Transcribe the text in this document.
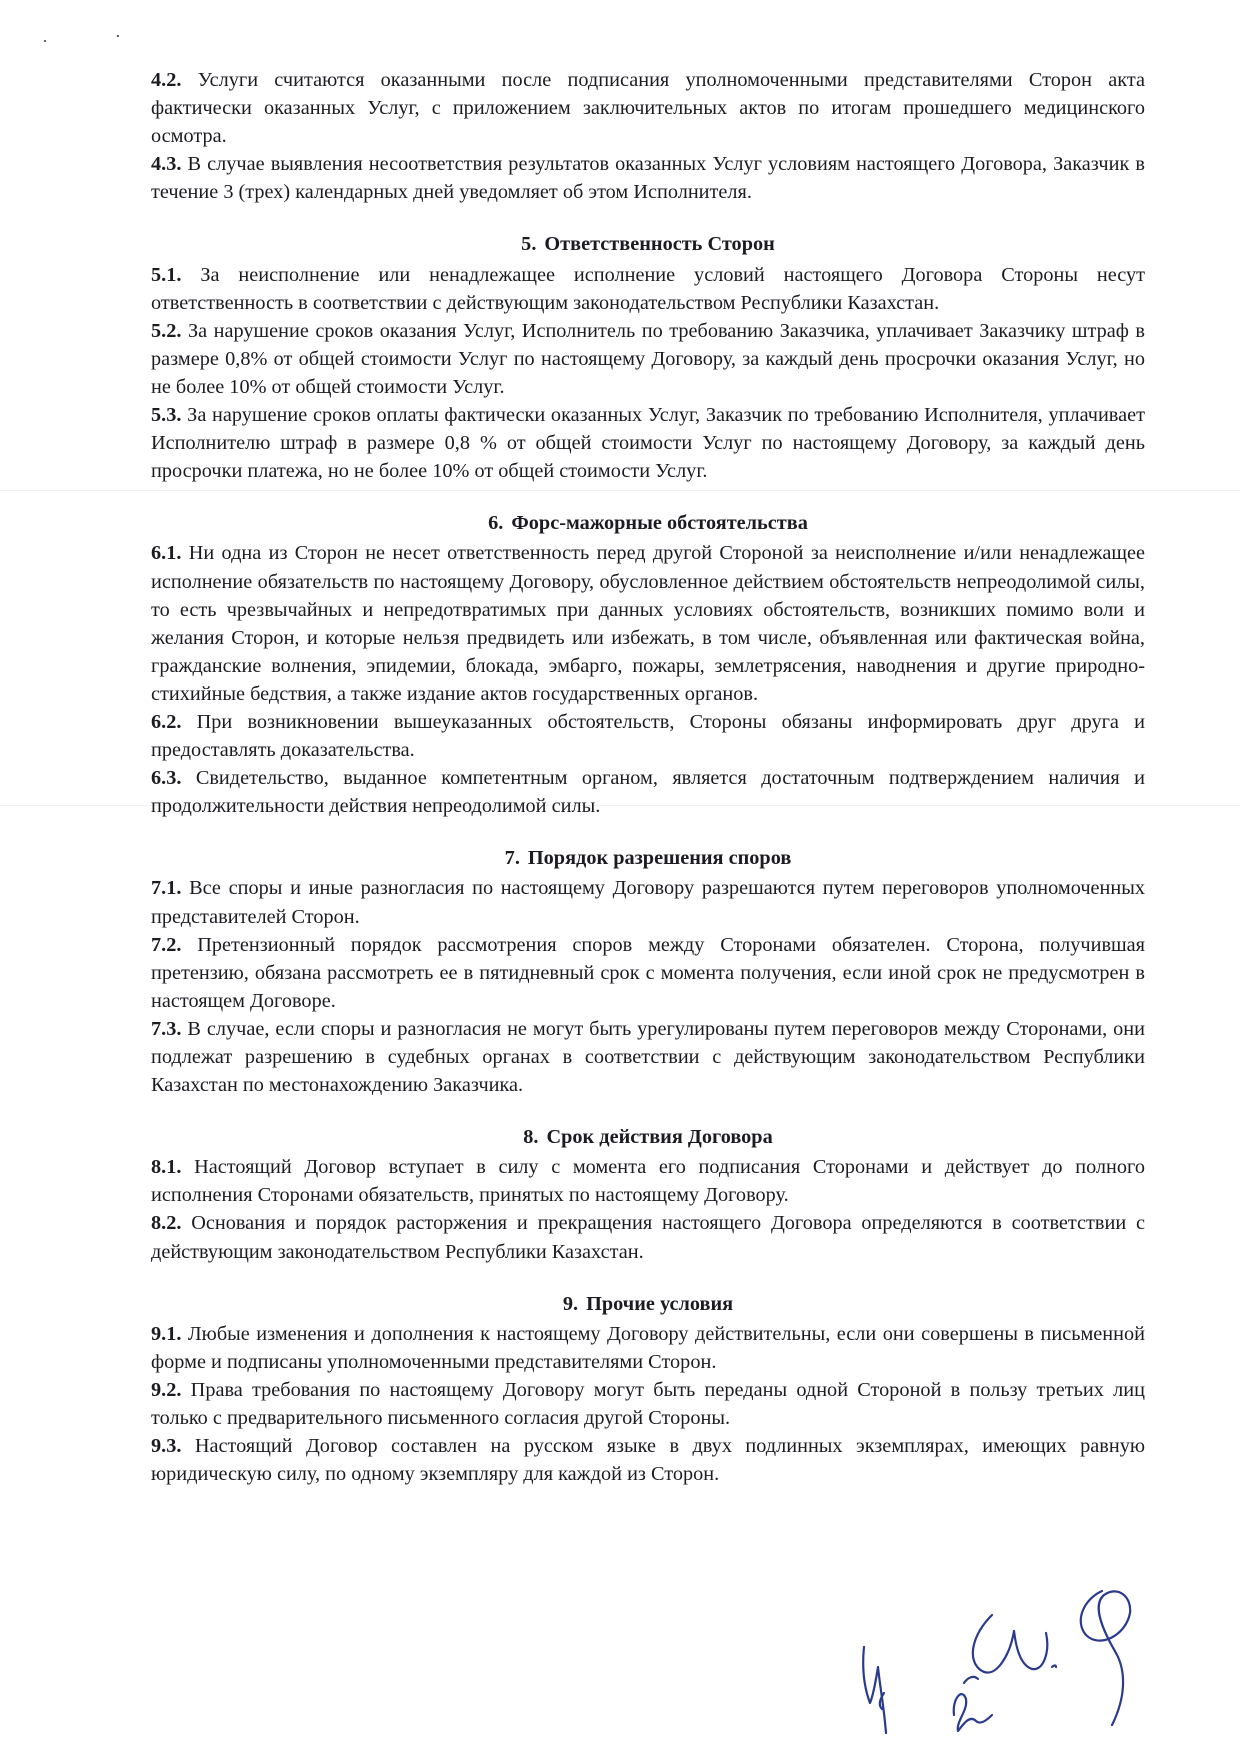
4.2. Услуги считаются оказанными после подписания уполномоченными представителями Сторон акта фактически оказанных Услуг, с приложением заключительных актов по итогам прошедшего медицинского осмотра.

4.3. В случае выявления несоответствия результатов оказанных Услуг условиям настоящего Договора, Заказчик в течение 3 (трех) календарных дней уведомляет об этом Исполнителя.

5. Ответственность Сторон

5.1. За неисполнение или ненадлежащее исполнение условий настоящего Договора Стороны несут ответственность в соответствии с действующим законодательством Республики Казахстан.

5.2. За нарушение сроков оказания Услуг, Исполнитель по требованию Заказчика, уплачивает Заказчику штраф в размере 0,8% от общей стоимости Услуг по настоящему Договору, за каждый день просрочки оказания Услуг, но не более 10% от общей стоимости Услуг.

5.3. За нарушение сроков оплаты фактически оказанных Услуг, Заказчик по требованию Исполнителя, уплачивает Исполнителю штраф в размере 0,8 % от общей стоимости Услуг по настоящему Договору, за каждый день просрочки платежа, но не более 10% от общей стоимости Услуг.

6. Форс-мажорные обстоятельства

6.1. Ни одна из Сторон не несет ответственность перед другой Стороной за неисполнение и/или ненадлежащее исполнение обязательств по настоящему Договору, обусловленное действием обстоятельств непреодолимой силы, то есть чрезвычайных и непредотвратимых при данных условиях обстоятельств, возникших помимо воли и желания Сторон, и которые нельзя предвидеть или избежать, в том числе, объявленная или фактическая война, гражданские волнения, эпидемии, блокада, эмбарго, пожары, землетрясения, наводнения и другие природно-стихийные бедствия, а также издание актов государственных органов.

6.2. При возникновении вышеуказанных обстоятельств, Стороны обязаны информировать друг друга и предоставлять доказательства.

6.3. Свидетельство, выданное компетентным органом, является достаточным подтверждением наличия и продолжительности действия непреодолимой силы.

7. Порядок разрешения споров

7.1. Все споры и иные разногласия по настоящему Договору разрешаются путем переговоров уполномоченных представителей Сторон.

7.2. Претензионный порядок рассмотрения споров между Сторонами обязателен. Сторона, получившая претензию, обязана рассмотреть ее в пятидневный срок с момента получения, если иной срок не предусмотрен в настоящем Договоре.

7.3. В случае, если споры и разногласия не могут быть урегулированы путем переговоров между Сторонами, они подлежат разрешению в судебных органах в соответствии с действующим законодательством Республики Казахстан по местонахождению Заказчика.

8. Срок действия Договора

8.1. Настоящий Договор вступает в силу с момента его подписания Сторонами и действует до полного исполнения Сторонами обязательств, принятых по настоящему Договору.

8.2. Основания и порядок расторжения и прекращения настоящего Договора определяются в соответствии с действующим законодательством Республики Казахстан.

9. Прочие условия

9.1. Любые изменения и дополнения к настоящему Договору действительны, если они совершены в письменной форме и подписаны уполномоченными представителями Сторон.

9.2. Права требования по настоящему Договору могут быть переданы одной Стороной в пользу третьих лиц только с предварительного письменного согласия другой Стороны.

9.3. Настоящий Договор составлен на русском языке в двух подлинных экземплярах, имеющих равную юридическую силу, по одному экземпляру для каждой из Сторон.
